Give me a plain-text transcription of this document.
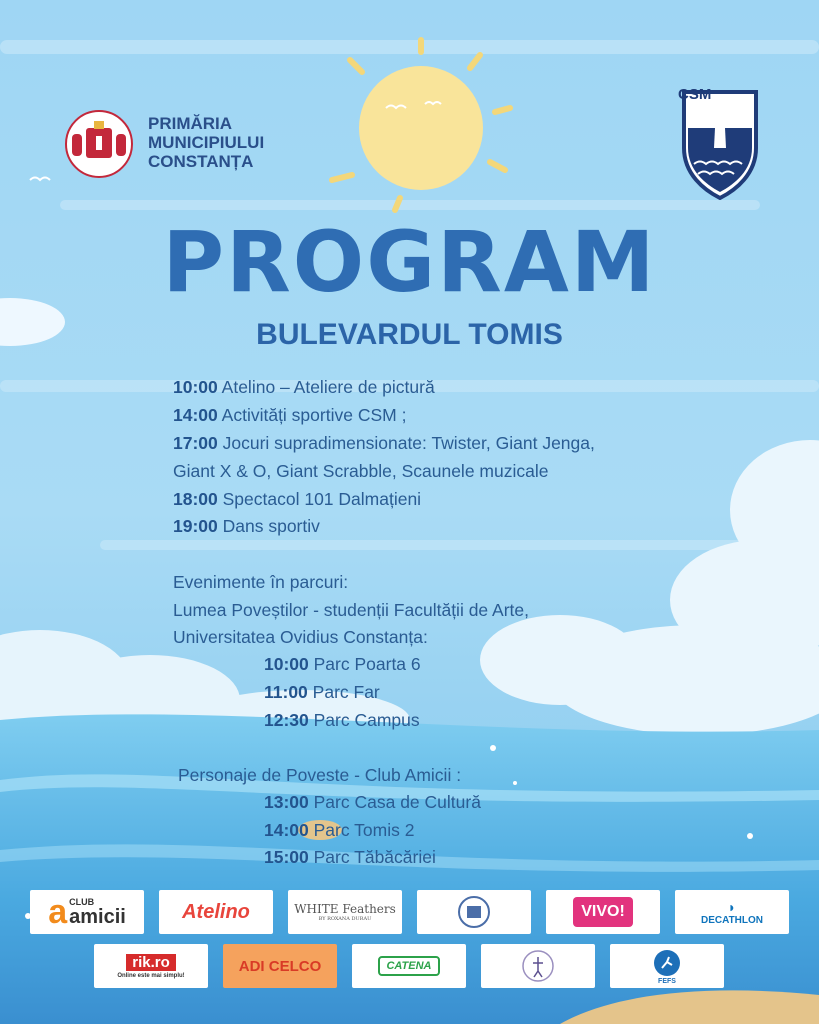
PRIMĂRIA
MUNICIPIULUI
CONSTANȚA
CSM
PROGRAM
BULEVARDUL TOMIS
10:00 Atelino – Ateliere de pictură
14:00 Activități sportive CSM ;
17:00 Jocuri supradimensionate: Twister, Giant Jenga,
Giant X & O, Giant Scrabble, Scaunele muzicale
18:00 Spectacol 101 Dalmațieni
19:00 Dans sportiv
Evenimente în parcuri:
Lumea Poveștilor - studenții Facultății de Arte,
Universitatea Ovidius Constanța:
10:00 Parc Poarta 6
11:00 Parc Far
12:30 Parc Campus
Personaje de Poveste - Club Amicii :
13:00 Parc Casa de Cultură
14:00 Parc Tomis 2
15:00 Parc Tăbăcăriei
a CLUB
amicii	Atelino	WHITE Feathers
BY ROXANA DURAU	VIVO!	◗
DECATHLON
rik.ro
Online este mai simplu!
ADI CELCO	CATENA
FEFS
